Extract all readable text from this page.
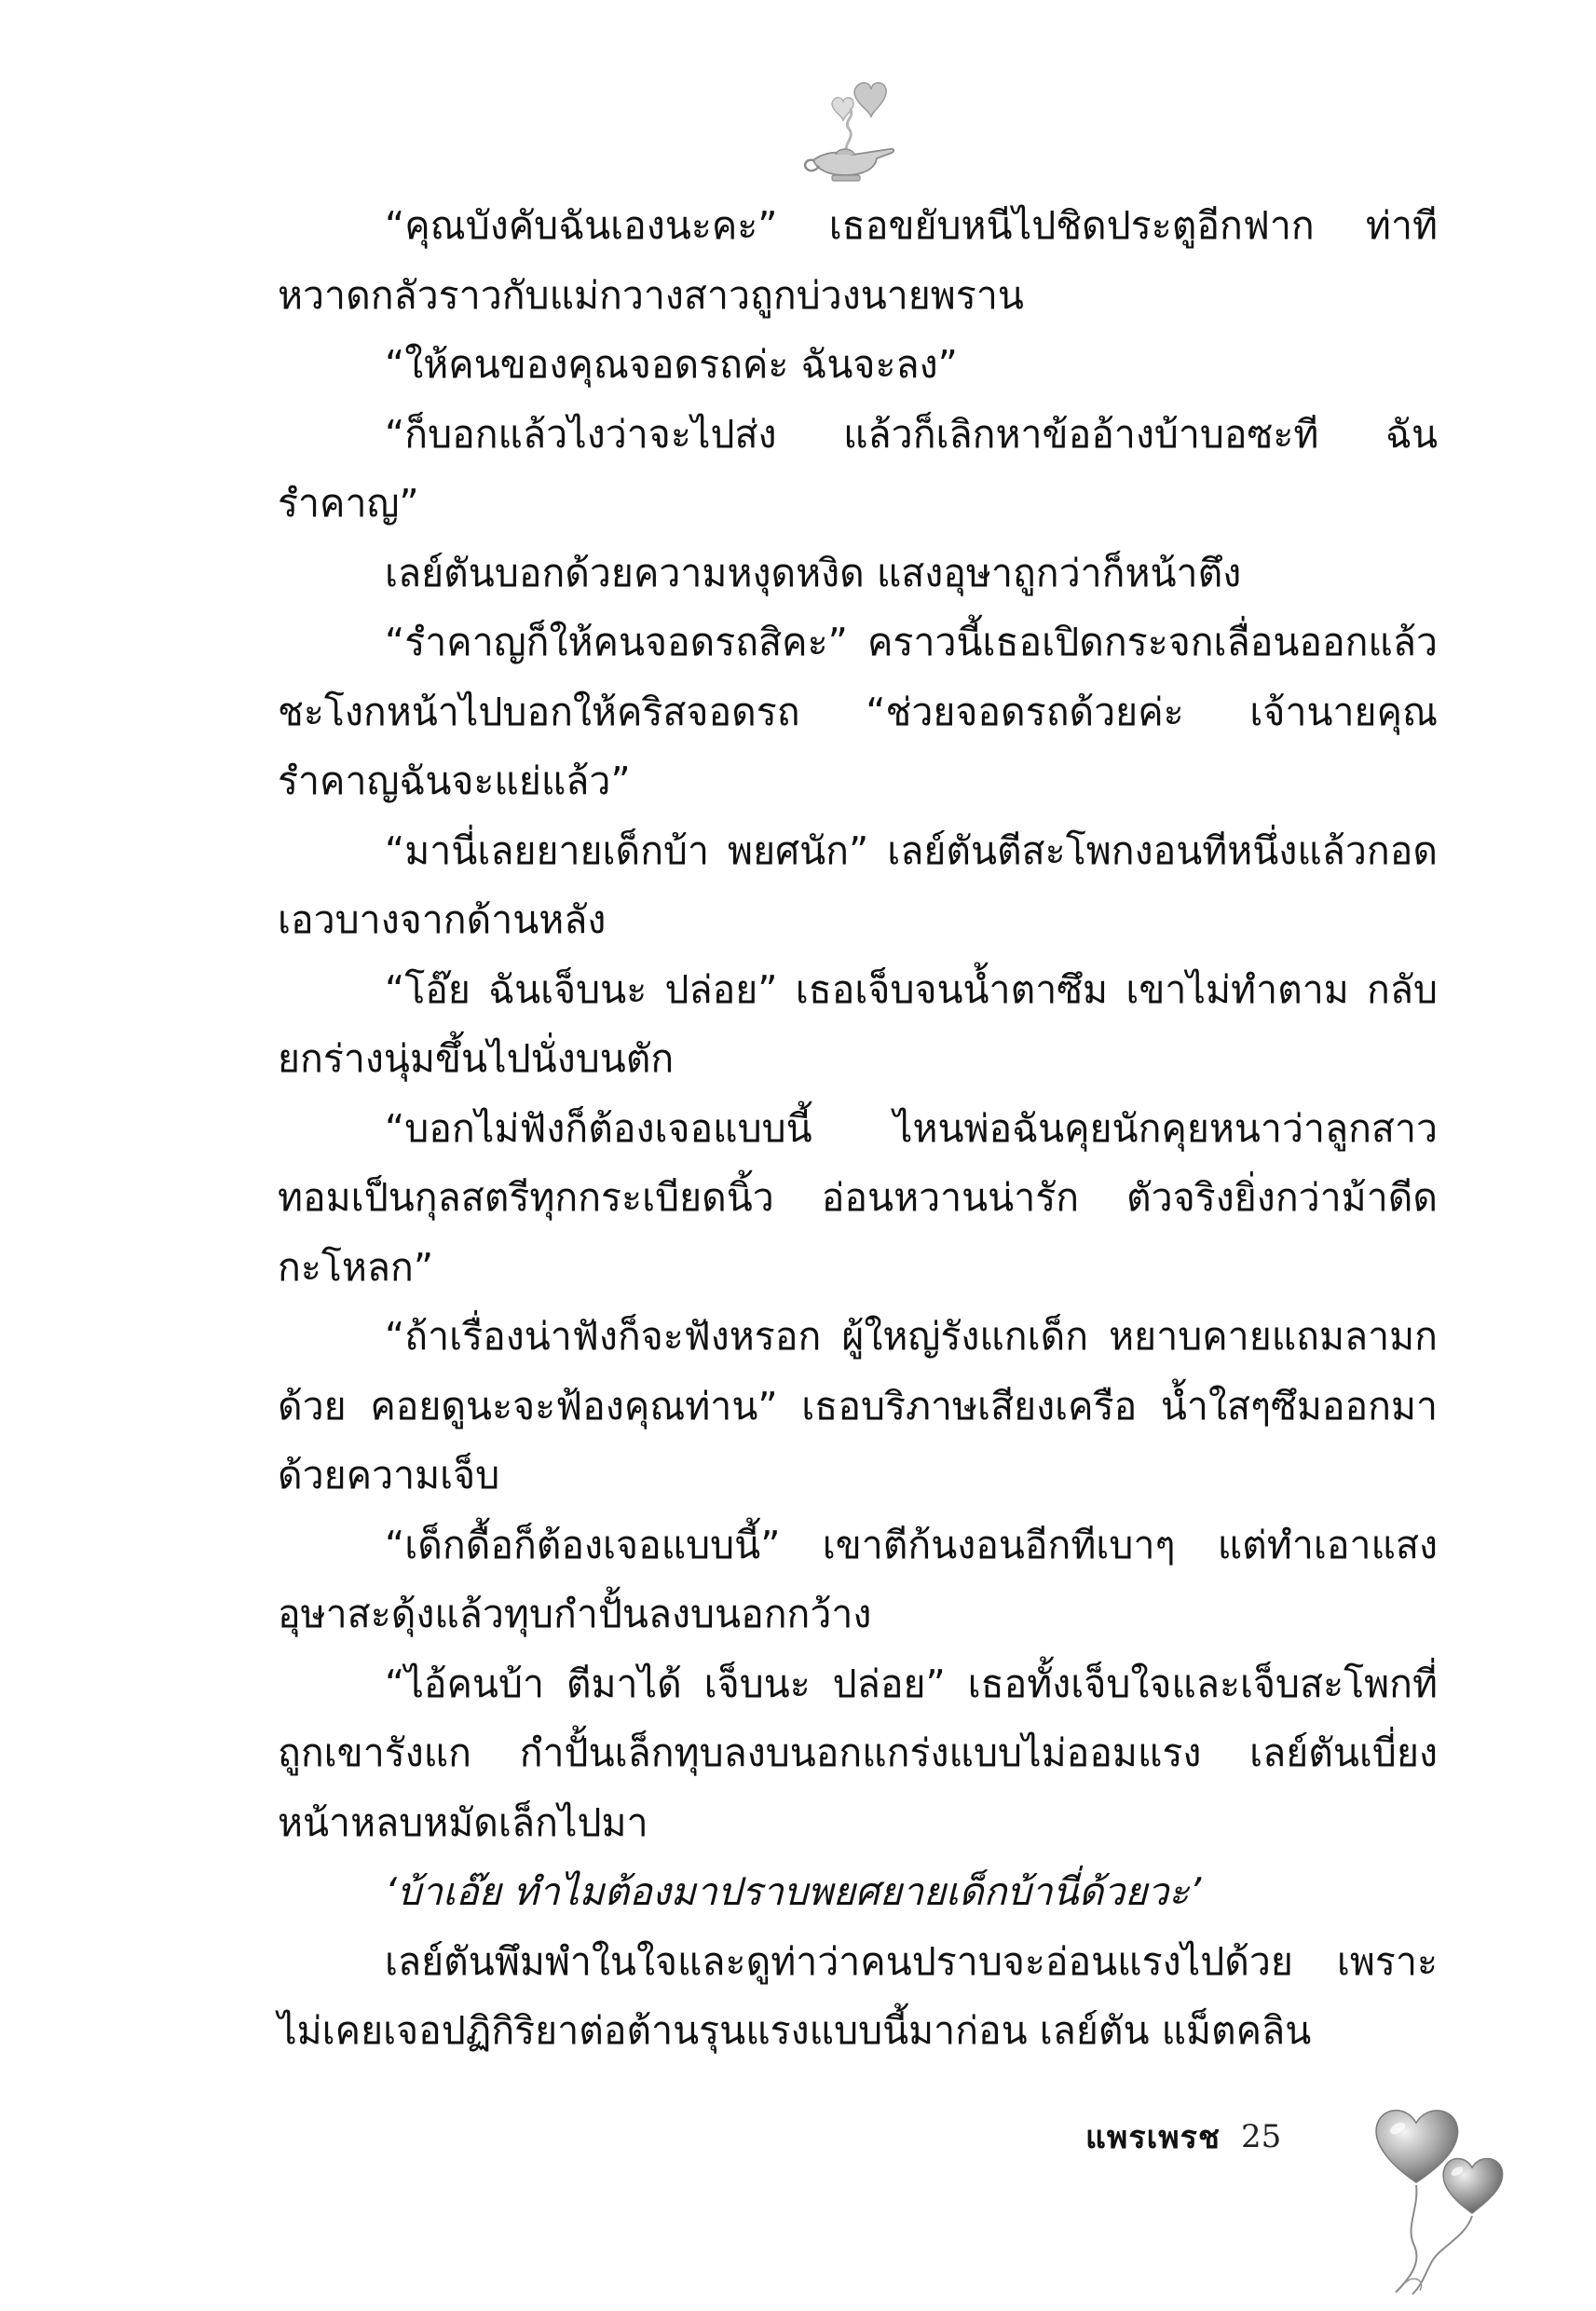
“คุณบังคับฉันเองนะคะ” เธอขยับหนีไปชิดประตูอีกฟาก ท่าทีหวาดกลัวราวกับแม่กวางสาวถูกบ่วงนายพราน

“ให้คนของคุณจอดรถค่ะ ฉันจะลง”

“ก็บอกแล้วไงว่าจะไปส่ง แล้วก็เลิกหาข้ออ้างบ้าบอซะที ฉันรำคาญ”

เลย์ตันบอกด้วยความหงุดหงิด แสงอุษาถูกว่าก็หน้าตึง

“รำคาญก็ให้คนจอดรถสิคะ” คราวนี้เธอเปิดกระจกเลื่อนออกแล้วชะโงกหน้าไปบอกให้คริสจอดรถ “ช่วยจอดรถด้วยค่ะ เจ้านายคุณรำคาญฉันจะแย่แล้ว”

“มานี่เลยยายเด็กบ้า พยศนัก” เลย์ตันตีสะโพกงอนทีหนึ่งแล้วกอดเอวบางจากด้านหลัง

“โอ๊ย ฉันเจ็บนะ ปล่อย” เธอเจ็บจนน้ำตาซึม เขาไม่ทำตาม กลับยกร่างนุ่มขึ้นไปนั่งบนตัก

“บอกไม่ฟังก็ต้องเจอแบบนี้ ไหนพ่อฉันคุยนักคุยหนาว่าลูกสาวทอมเป็นกุลสตรีทุกกระเบียดนิ้ว อ่อนหวานน่ารัก ตัวจริงยิ่งกว่าม้าดีดกะโหลก”

“ถ้าเรื่องน่าฟังก็จะฟังหรอก ผู้ใหญ่รังแกเด็ก หยาบคายแถมลามกด้วย คอยดูนะจะฟ้องคุณท่าน” เธอบริภาษเสียงเครือ น้ำใสๆซึมออกมาด้วยความเจ็บ

“เด็กดื้อก็ต้องเจอแบบนี้” เขาตีก้นงอนอีกทีเบาๆ แต่ทำเอาแสงอุษาสะดุ้งแล้วทุบกำปั้นลงบนอกกว้าง

“ไอ้คนบ้า ตีมาได้ เจ็บนะ ปล่อย” เธอทั้งเจ็บใจและเจ็บสะโพกที่ถูกเขารังแก กำปั้นเล็กทุบลงบนอกแกร่งแบบไม่ออมแรง เลย์ตันเบี่ยงหน้าหลบหมัดเล็กไปมา

‘บ้าเอ๊ย ทำไมต้องมาปราบพยศยายเด็กบ้านี่ด้วยวะ’

เลย์ตันพึมพำในใจและดูท่าว่าคนปราบจะอ่อนแรงไปด้วย เพราะไม่เคยเจอปฏิกิริยาต่อต้านรุนแรงแบบนี้มาก่อน เลย์ตัน แม็ตคลิน

แพรเพรช 25
